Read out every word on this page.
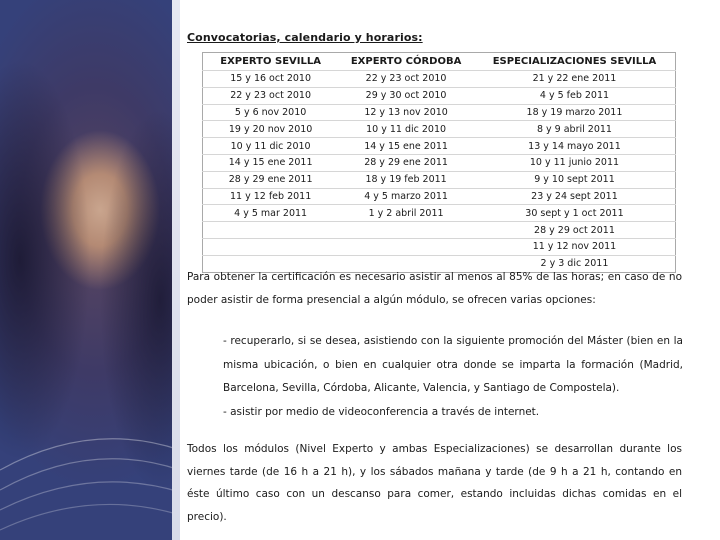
Convocatorias, calendario y horarios:
EXPERTO SEVILLA	EXPERTO CÓRDOBA	ESPECIALIZACIONES SEVILLA
15 y 16 oct 2010	22 y 23 oct 2010	21 y 22 ene 2011
22 y 23 oct 2010	29 y 30 oct 2010	4 y 5 feb 2011
5 y 6 nov 2010	12 y 13 nov 2010	18 y 19 marzo 2011
19 y 20 nov 2010	10 y 11 dic 2010	8 y 9 abril 2011
10 y 11 dic 2010	14 y 15 ene 2011	13 y 14 mayo 2011
14 y 15 ene 2011	28 y 29 ene 2011	10 y 11 junio 2011
28 y 29 ene 2011	18 y 19 feb 2011	9 y 10 sept 2011
11 y 12 feb 2011	4 y 5 marzo 2011	23 y 24 sept 2011
4 y 5 mar 2011	1 y 2 abril 2011	30 sept y 1 oct 2011
		28 y 29 oct 2011
		11 y 12 nov 2011
		2 y 3 dic 2011

Para obtener la certificación es necesario asistir al menos al 85% de las horas; en caso de no poder asistir de forma presencial a algún módulo, se ofrecen varias opciones:

- recuperarlo, si se desea, asistiendo con la siguiente promoción del Máster (bien en la misma ubicación, o bien en cualquier otra donde se imparta la formación (Madrid, Barcelona, Sevilla, Córdoba, Alicante, Valencia, y Santiago de Compostela).

- asistir por medio de videoconferencia a través de internet.

Todos los módulos (Nivel Experto y ambas Especializaciones) se desarrollan durante los viernes tarde (de 16 h a 21 h), y los sábados mañana y tarde (de 9 h a 21 h, contando en éste último caso con un descanso para comer, estando incluidas dichas comidas en el precio).
